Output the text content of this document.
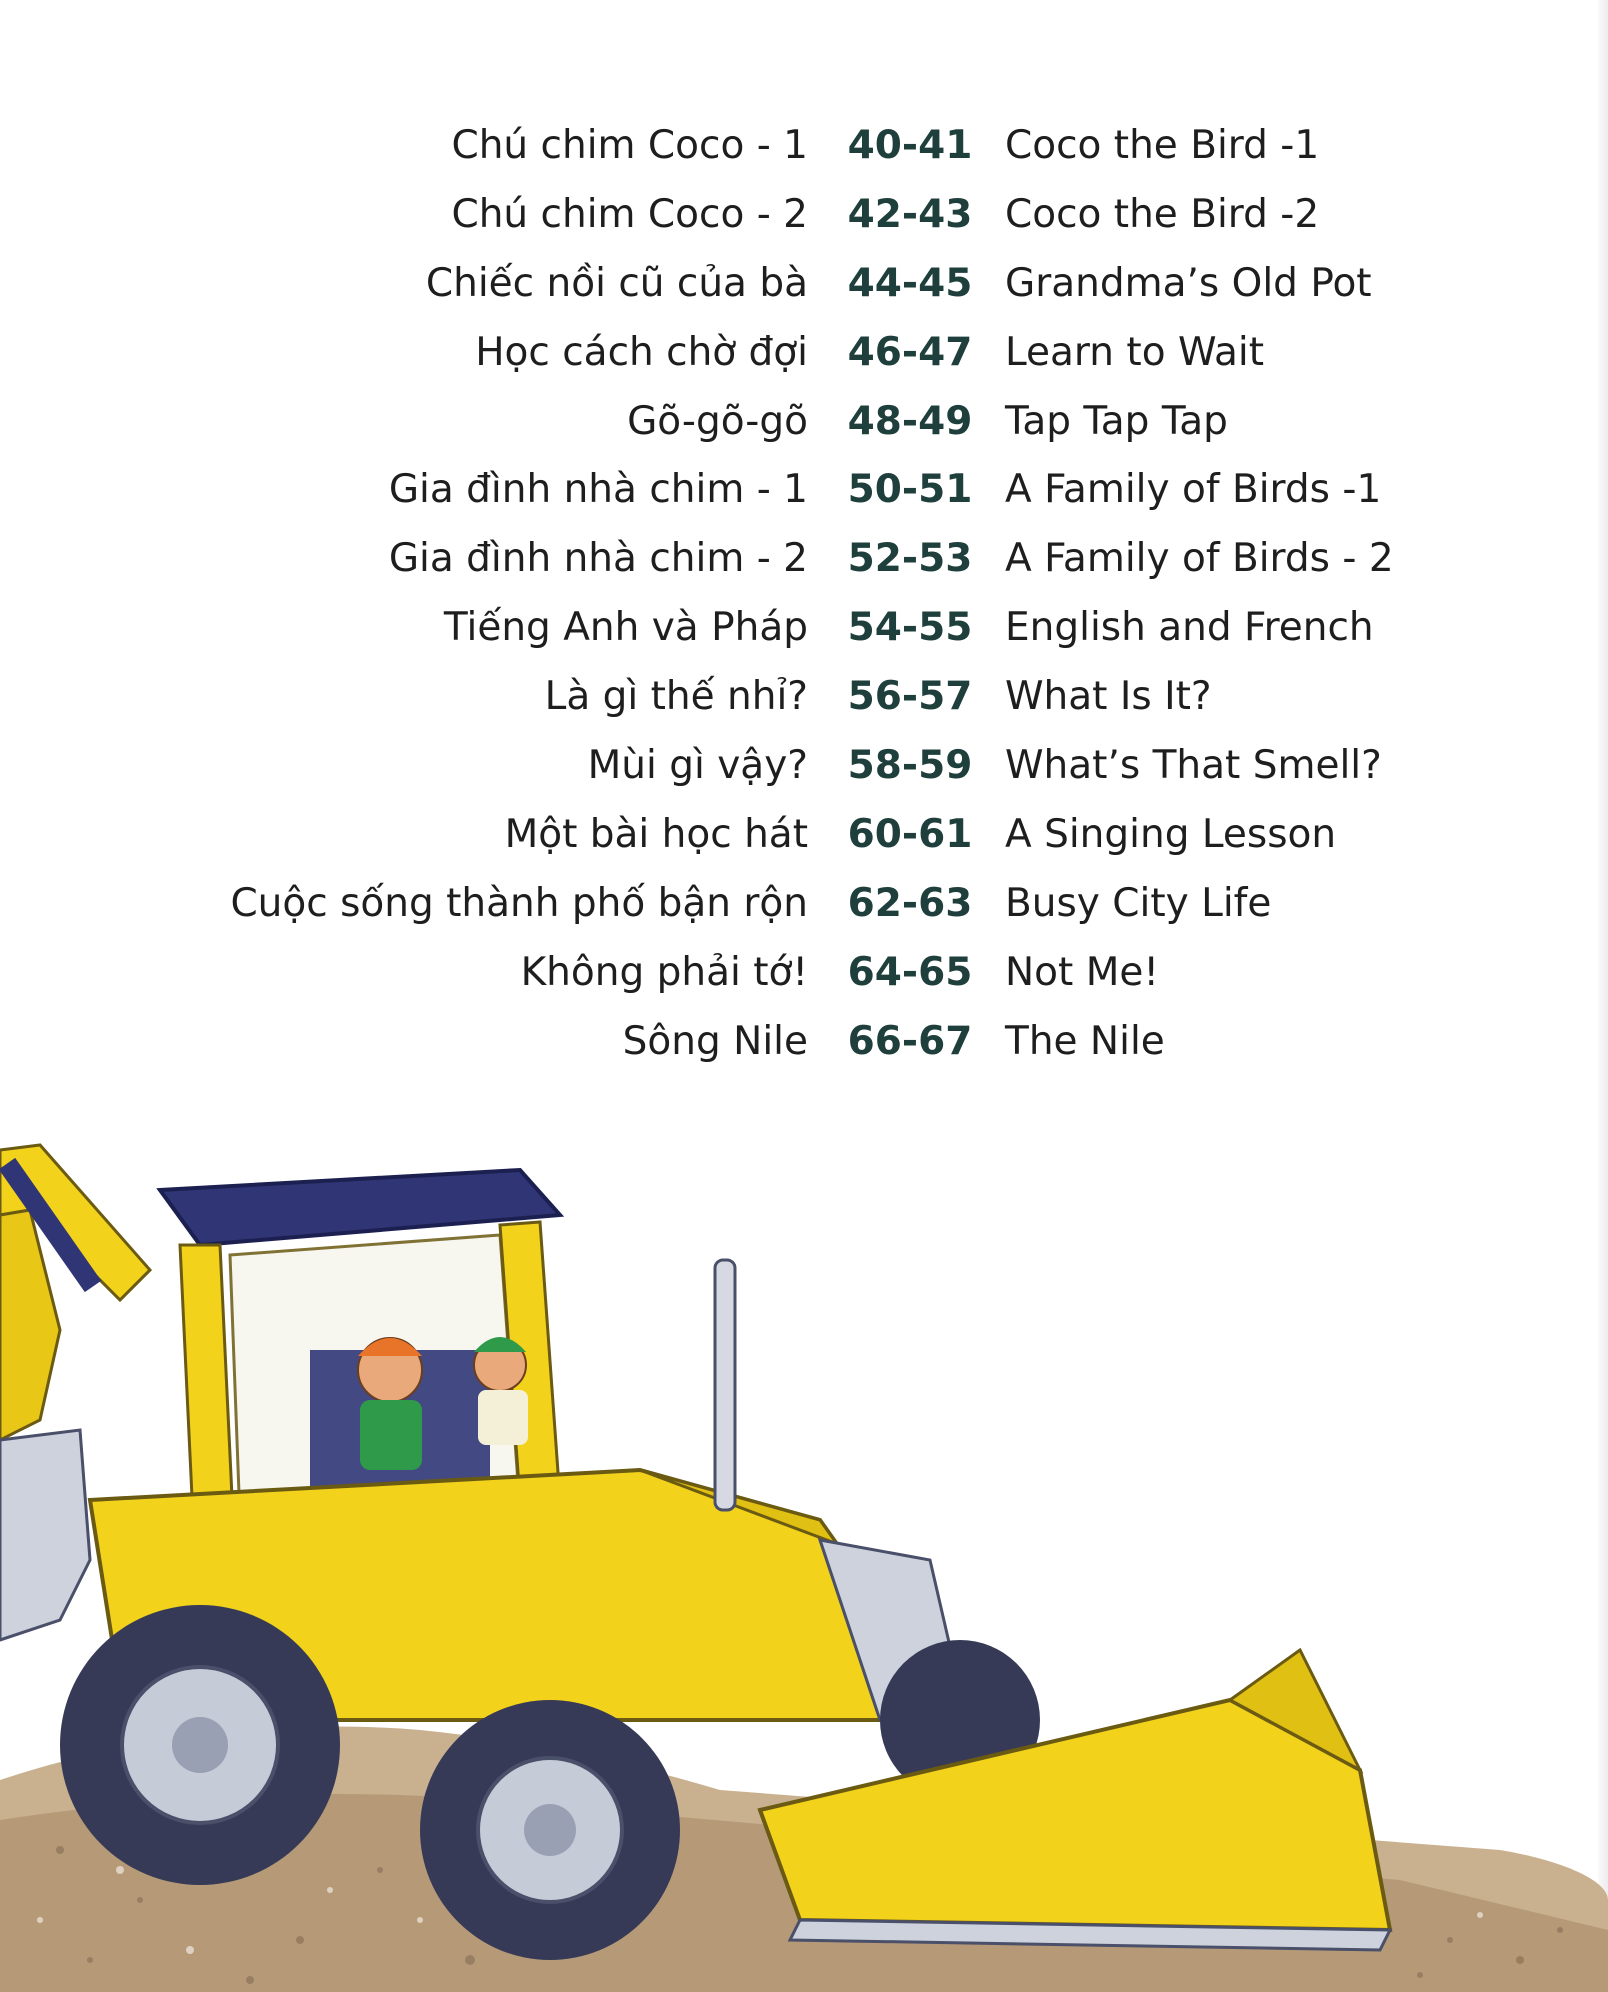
Chú chim Coco - 1 40-41 Coco the Bird -1
Chú chim Coco - 2 42-43 Coco the Bird -2
Chiếc nồi cũ của bà 44-45 Grandma’s Old Pot
Học cách chờ đợi 46-47 Learn to Wait
Gõ-gõ-gõ 48-49 Tap Tap Tap
Gia đình nhà chim - 1 50-51 A Family of Birds -1
Gia đình nhà chim - 2 52-53 A Family of Birds - 2
Tiếng Anh và Pháp 54-55 English and French
Là gì thế nhỉ? 56-57 What Is It?
Mùi gì vậy? 58-59 What’s That Smell?
Một bài học hát 60-61 A Singing Lesson
Cuộc sống thành phố bận rộn 62-63 Busy City Life
Không phải tớ! 64-65 Not Me!
Sông Nile 66-67 The Nile
